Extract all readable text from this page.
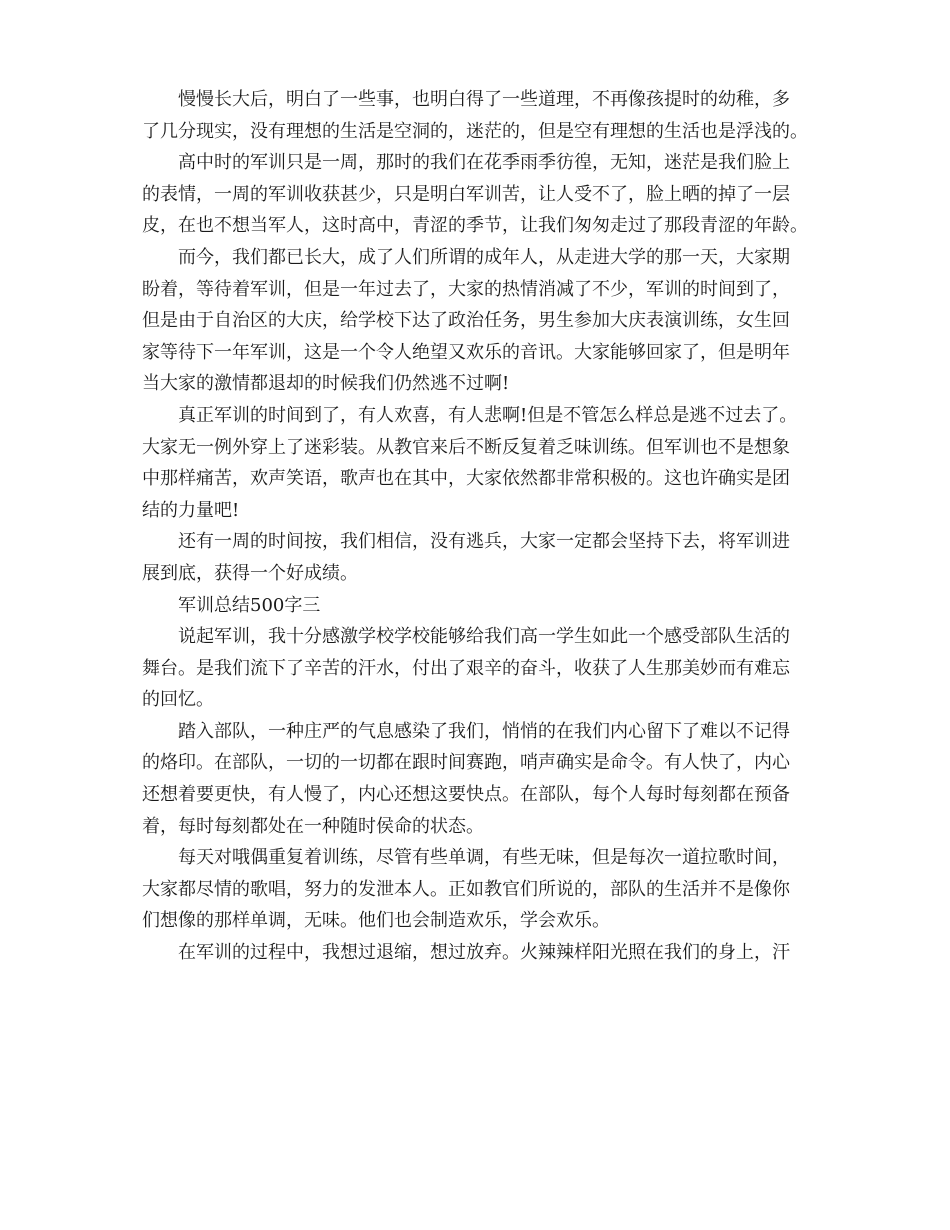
慢慢长大后，明白了一些事，也明白得了一些道理，不再像孩提时的幼稚，多
了几分现实，没有理想的生活是空洞的，迷茫的，但是空有理想的生活也是浮浅的。
高中时的军训只是一周，那时的我们在花季雨季彷徨，无知，迷茫是我们脸上
的表情，一周的军训收获甚少，只是明白军训苦，让人受不了，脸上晒的掉了一层
皮，在也不想当军人，这时高中，青涩的季节，让我们匆匆走过了那段青涩的年龄。
而今，我们都已长大，成了人们所谓的成年人，从走进大学的那一天，大家期
盼着，等待着军训，但是一年过去了，大家的热情消减了不少，军训的时间到了，
但是由于自治区的大庆，给学校下达了政治任务，男生参加大庆表演训练，女生回
家等待下一年军训，这是一个令人绝望又欢乐的音讯。大家能够回家了，但是明年
当大家的激情都退却的时候我们仍然逃不过啊!
真正军训的时间到了，有人欢喜，有人悲啊!但是不管怎么样总是逃不过去了。
大家无一例外穿上了迷彩装。从教官来后不断反复着乏味训练。但军训也不是想象
中那样痛苦，欢声笑语，歌声也在其中，大家依然都非常积极的。这也许确实是团
结的力量吧!
还有一周的时间按，我们相信，没有逃兵，大家一定都会坚持下去，将军训进
展到底，获得一个好成绩。
军训总结500字三
说起军训，我十分感激学校学校能够给我们高一学生如此一个感受部队生活的
舞台。是我们流下了辛苦的汗水，付出了艰辛的奋斗，收获了人生那美妙而有难忘
的回忆。
踏入部队，一种庄严的气息感染了我们，悄悄的在我们内心留下了难以不记得
的烙印。在部队，一切的一切都在跟时间赛跑，哨声确实是命令。有人快了，内心
还想着要更快，有人慢了，内心还想这要快点。在部队，每个人每时每刻都在预备
着，每时每刻都处在一种随时侯命的状态。
每天对哦偶重复着训练，尽管有些单调，有些无味，但是每次一道拉歌时间，
大家都尽情的歌唱，努力的发泄本人。正如教官们所说的，部队的生活并不是像你
们想像的那样单调，无味。他们也会制造欢乐，学会欢乐。
在军训的过程中，我想过退缩，想过放弃。火辣辣样阳光照在我们的身上，汗
